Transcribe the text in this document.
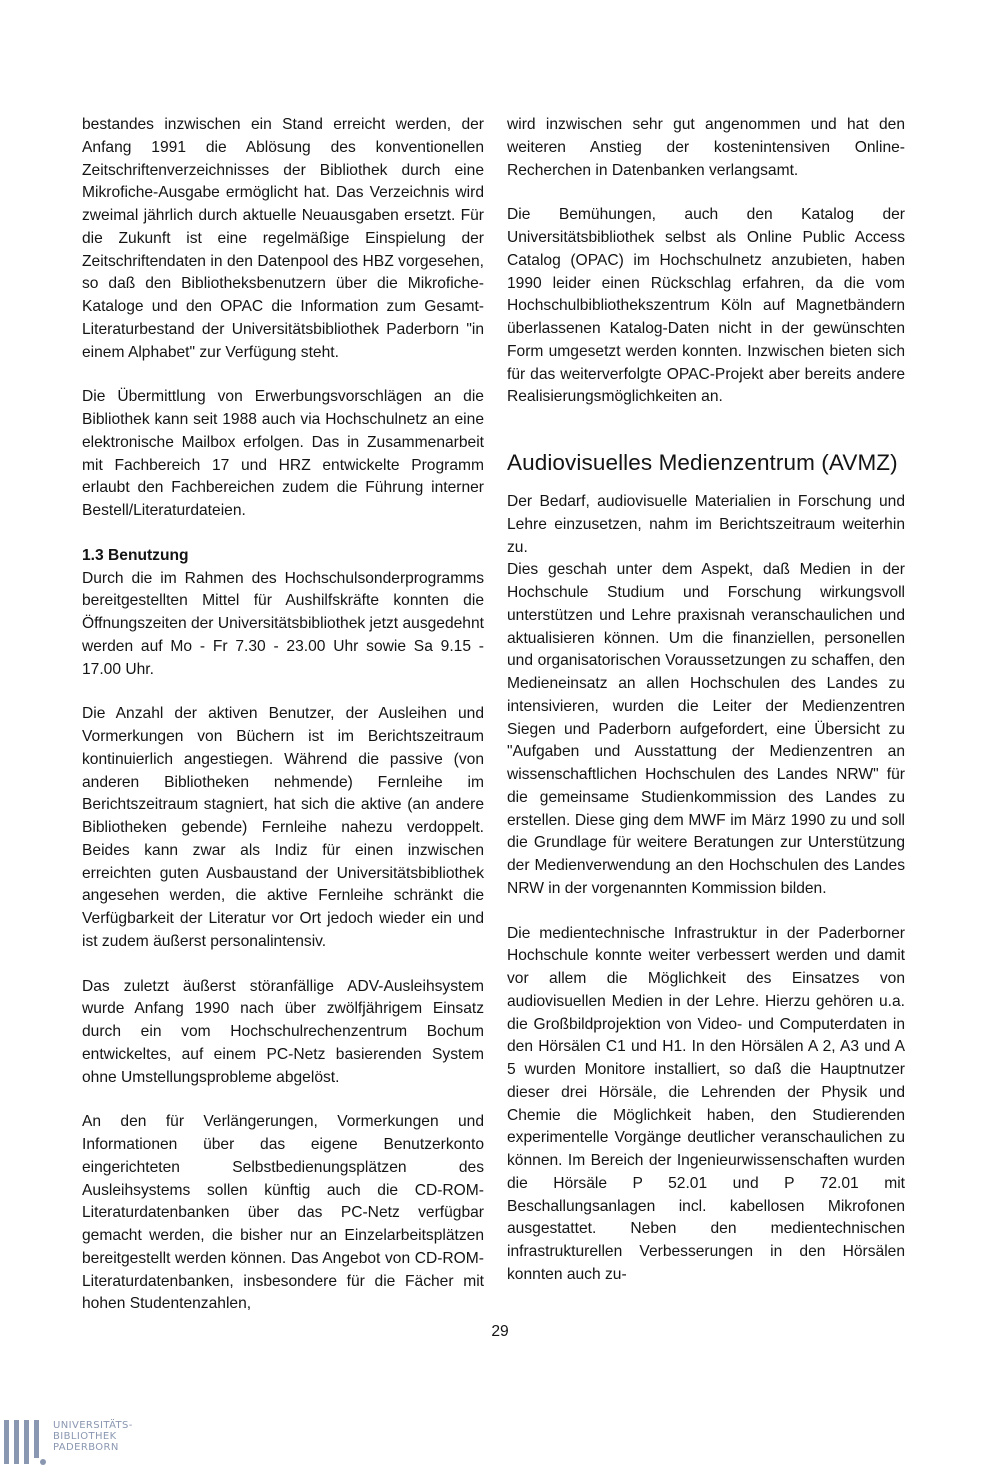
bestandes inzwischen ein Stand erreicht werden, der Anfang 1991 die Ablösung des konventionellen Zeitschriftenverzeichnisses der Bibliothek durch eine Mikrofiche-Ausgabe ermöglicht hat. Das Verzeichnis wird zweimal jährlich durch aktuelle Neuausgaben ersetzt. Für die Zukunft ist eine regelmäßige Einspielung der Zeitschriftendaten in den Datenpool des HBZ vorgesehen, so daß den Bibliotheksbenutzern über die Mikrofiche-Kataloge und den OPAC die Information zum Gesamt-Literaturbestand der Universitätsbibliothek Paderborn "in einem Alphabet" zur Verfügung steht.

Die Übermittlung von Erwerbungsvorschlägen an die Bibliothek kann seit 1988 auch via Hochschulnetz an eine elektronische Mailbox erfolgen. Das in Zusammenarbeit mit Fachbereich 17 und HRZ entwickelte Programm erlaubt den Fachbereichen zudem die Führung interner Bestell/Literaturdateien.

1.3 Benutzung

Durch die im Rahmen des Hochschulsonderprogramms bereitgestellten Mittel für Aushilfskräfte konnten die Öffnungszeiten der Universitätsbibliothek jetzt ausgedehnt werden auf Mo - Fr 7.30 - 23.00 Uhr sowie Sa 9.15 - 17.00 Uhr.

Die Anzahl der aktiven Benutzer, der Ausleihen und Vormerkungen von Büchern ist im Berichtszeitraum kontinuierlich angestiegen. Während die passive (von anderen Bibliotheken nehmende) Fernleihe im Berichtszeitraum stagniert, hat sich die aktive (an andere Bibliotheken gebende) Fernleihe nahezu verdoppelt. Beides kann zwar als Indiz für einen inzwischen erreichten guten Ausbaustand der Universitätsbibliothek angesehen werden, die aktive Fernleihe schränkt die Verfügbarkeit der Literatur vor Ort jedoch wieder ein und ist zudem äußerst personalintensiv.

Das zuletzt äußerst störanfällige ADV-Ausleihsystem wurde Anfang 1990 nach über zwölfjährigem Einsatz durch ein vom Hochschulrechenzentrum Bochum entwickeltes, auf einem PC-Netz basierenden System ohne Umstellungsprobleme abgelöst.

An den für Verlängerungen, Vormerkungen und Informationen über das eigene Benutzerkonto eingerichteten Selbstbedienungsplätzen des Ausleihsystems sollen künftig auch die CD-ROM-Literaturdatenbanken über das PC-Netz verfügbar gemacht werden, die bisher nur an Einzelarbeitsplätzen bereitgestellt werden können. Das Angebot von CD-ROM-Literaturdatenbanken, insbesondere für die Fächer mit hohen Studentenzahlen,

wird inzwischen sehr gut angenommen und hat den weiteren Anstieg der kostenintensiven Online-Recherchen in Datenbanken verlangsamt.

Die Bemühungen, auch den Katalog der Universitätsbibliothek selbst als Online Public Access Catalog (OPAC) im Hochschulnetz anzubieten, haben 1990 leider einen Rückschlag erfahren, da die vom Hochschulbibliothekszentrum Köln auf Magnetbändern überlassenen Katalog-Daten nicht in der gewünschten Form umgesetzt werden konnten. Inzwischen bieten sich für das weiterverfolgte OPAC-Projekt aber bereits andere Realisierungsmöglichkeiten an.

Audiovisuelles Medienzentrum (AVMZ)

Der Bedarf, audiovisuelle Materialien in Forschung und Lehre einzusetzen, nahm im Berichtszeitraum weiterhin zu.

Dies geschah unter dem Aspekt, daß Medien in der Hochschule Studium und Forschung wirkungsvoll unterstützen und Lehre praxisnah veranschaulichen und aktualisieren können. Um die finanziellen, personellen und organisatorischen Voraussetzungen zu schaffen, den Medieneinsatz an allen Hochschulen des Landes zu intensivieren, wurden die Leiter der Medienzentren Siegen und Paderborn aufgefordert, eine Übersicht zu "Aufgaben und Ausstattung der Medienzentren an wissenschaftlichen Hochschulen des Landes NRW" für die gemeinsame Studienkommission des Landes zu erstellen. Diese ging dem MWF im März 1990 zu und soll die Grundlage für weitere Beratungen zur Unterstützung der Medienverwendung an den Hochschulen des Landes NRW in der vorgenannten Kommission bilden.

Die medientechnische Infrastruktur in der Paderborner Hochschule konnte weiter verbessert werden und damit vor allem die Möglichkeit des Einsatzes von audiovisuellen Medien in der Lehre. Hierzu gehören u.a. die Großbildprojektion von Video- und Computerdaten in den Hörsälen C1 und H1. In den Hörsälen A 2, A3 und A 5 wurden Monitore installiert, so daß die Hauptnutzer dieser drei Hörsäle, die Lehrenden der Physik und Chemie die Möglichkeit haben, den Studierenden experimentelle Vorgänge deutlicher veranschaulichen zu können. Im Bereich der Ingenieurwissenschaften wurden die Hörsäle P 52.01 und P 72.01 mit Beschallungsanlagen incl. kabellosen Mikrofonen ausgestattet. Neben den medientechnischen infrastrukturellen Verbesserungen in den Hörsälen konnten auch zu-

29
UNIVERSITÄTS-
BIBLIOTHEK
PADERBORN
